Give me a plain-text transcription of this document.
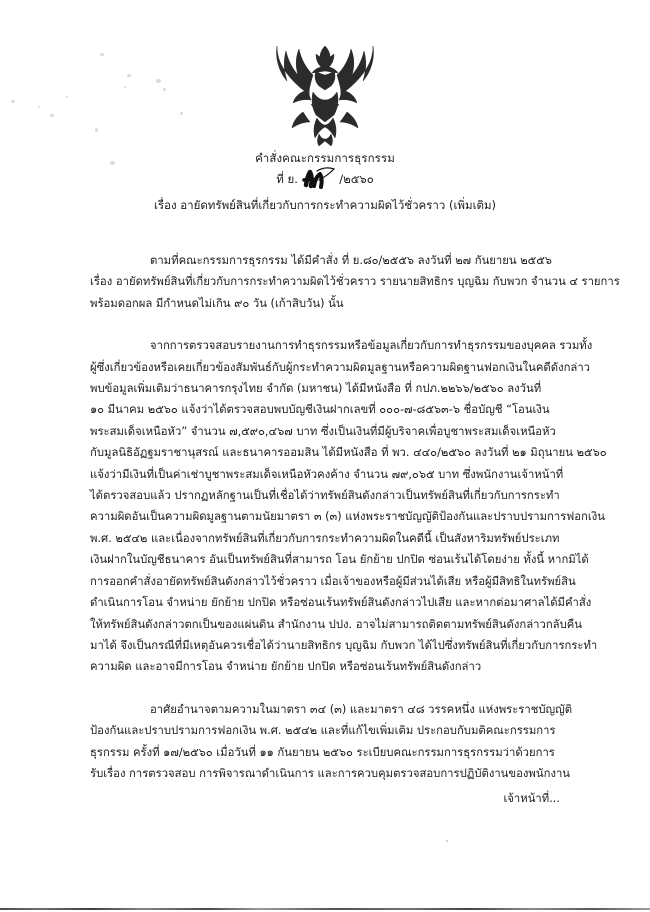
คำสั่งคณะกรรมการธุรกรรม
ที่ ย.	/๒๕๖๐
เรื่อง อายัดทรัพย์สินที่เกี่ยวกับการกระทำความผิดไว้ชั่วคราว (เพิ่มเติม)

ตามที่คณะกรรมการธุรกรรม ได้มีคำสั่ง ที่ ย.๘๐/๒๕๕๖ ลงวันที่ ๒๗ กันยายน ๒๕๕๖
เรื่อง อายัดทรัพย์สินที่เกี่ยวกับการกระทำความผิดไว้ชั่วคราว รายนายสิทธิกร บุญฉิม กับพวก จำนวน ๔ รายการ
พร้อมดอกผล มีกำหนดไม่เกิน ๙๐ วัน (เก้าสิบวัน) นั้น

จากการตรวจสอบรายงานการทำธุรกรรมหรือข้อมูลเกี่ยวกับการทำธุรกรรมของบุคคล รวมทั้ง
ผู้ซึ่งเกี่ยวข้องหรือเคยเกี่ยวข้องสัมพันธ์กับผู้กระทำความผิดมูลฐานหรือความผิดฐานฟอกเงินในคดีดังกล่าว
พบข้อมูลเพิ่มเติมว่าธนาคารกรุงไทย จำกัด (มหาชน) ได้มีหนังสือ ที่ กปภ.๒๒๖๖/๒๕๖๐ ลงวันที่
๑๐ มีนาคม ๒๕๖๐ แจ้งว่าได้ตรวจสอบพบบัญชีเงินฝากเลขที่ ๐๐๐-๗-๘๕๖๓-๖ ชื่อบัญชี “โอนเงิน
พระสมเด็จเหนือหัว” จำนวน ๗,๕๙๐,๔๖๗ บาท ซึ่งเป็นเงินที่มีผู้บริจาคเพื่อบูชาพระสมเด็จเหนือหัว
กับมูลนิธิอัฏฐมราชานุสรณ์ และธนาคารออมสิน ได้มีหนังสือ ที่ พว. ๔๔๐/๒๕๖๐ ลงวันที่ ๒๑ มิถุนายน ๒๕๖๐
แจ้งว่ามีเงินที่เป็นค่าเช่าบูชาพระสมเด็จเหนือหัวคงค้าง จำนวน ๗๙,๐๖๕ บาท ซึ่งพนักงานเจ้าหน้าที่
ได้ตรวจสอบแล้ว ปรากฏหลักฐานเป็นที่เชื่อได้ว่าทรัพย์สินดังกล่าวเป็นทรัพย์สินที่เกี่ยวกับการกระทำ
ความผิดอันเป็นความผิดมูลฐานตามนัยมาตรา ๓ (๓) แห่งพระราชบัญญัติป้องกันและปราบปรามการฟอกเงิน
พ.ศ. ๒๕๔๒ และเนื่องจากทรัพย์สินที่เกี่ยวกับการกระทำความผิดในคดีนี้ เป็นสังหาริมทรัพย์ประเภท
เงินฝากในบัญชีธนาคาร อันเป็นทรัพย์สินที่สามารถ โอน ยักย้าย ปกปิด ซ่อนเร้นได้โดยง่าย ทั้งนี้ หากมิได้
การออกคำสั่งอายัดทรัพย์สินดังกล่าวไว้ชั่วคราว เมื่อเจ้าของหรือผู้มีส่วนได้เสีย หรือผู้มีสิทธิในทรัพย์สิน
ดำเนินการโอน จำหน่าย ยักย้าย ปกปิด หรือซ่อนเร้นทรัพย์สินดังกล่าวไปเสีย และหากต่อมาศาลได้มีคำสั่ง
ให้ทรัพย์สินดังกล่าวตกเป็นของแผ่นดิน สำนักงาน ปปง. อาจไม่สามารถติดตามทรัพย์สินดังกล่าวกลับคืน
มาได้ จึงเป็นกรณีที่มีเหตุอันควรเชื่อได้ว่านายสิทธิกร บุญฉิม กับพวก ได้ไปซึ่งทรัพย์สินที่เกี่ยวกับการกระทำ
ความผิด และอาจมีการโอน จำหน่าย ยักย้าย ปกปิด หรือซ่อนเร้นทรัพย์สินดังกล่าว

อาศัยอำนาจตามความในมาตรา ๓๔ (๓) และมาตรา ๔๘ วรรคหนึ่ง แห่งพระราชบัญญัติ
ป้องกันและปราบปรามการฟอกเงิน พ.ศ. ๒๕๔๒ และที่แก้ไขเพิ่มเติม ประกอบกับมติคณะกรรมการ
ธุรกรรม ครั้งที่ ๑๗/๒๕๖๐ เมื่อวันที่ ๑๑ กันยายน ๒๕๖๐ ระเบียบคณะกรรมการธุรกรรมว่าด้วยการ
รับเรื่อง การตรวจสอบ การพิจารณาดำเนินการ และการควบคุมตรวจสอบการปฏิบัติงานของพนักงาน

เจ้าหน้าที่...
